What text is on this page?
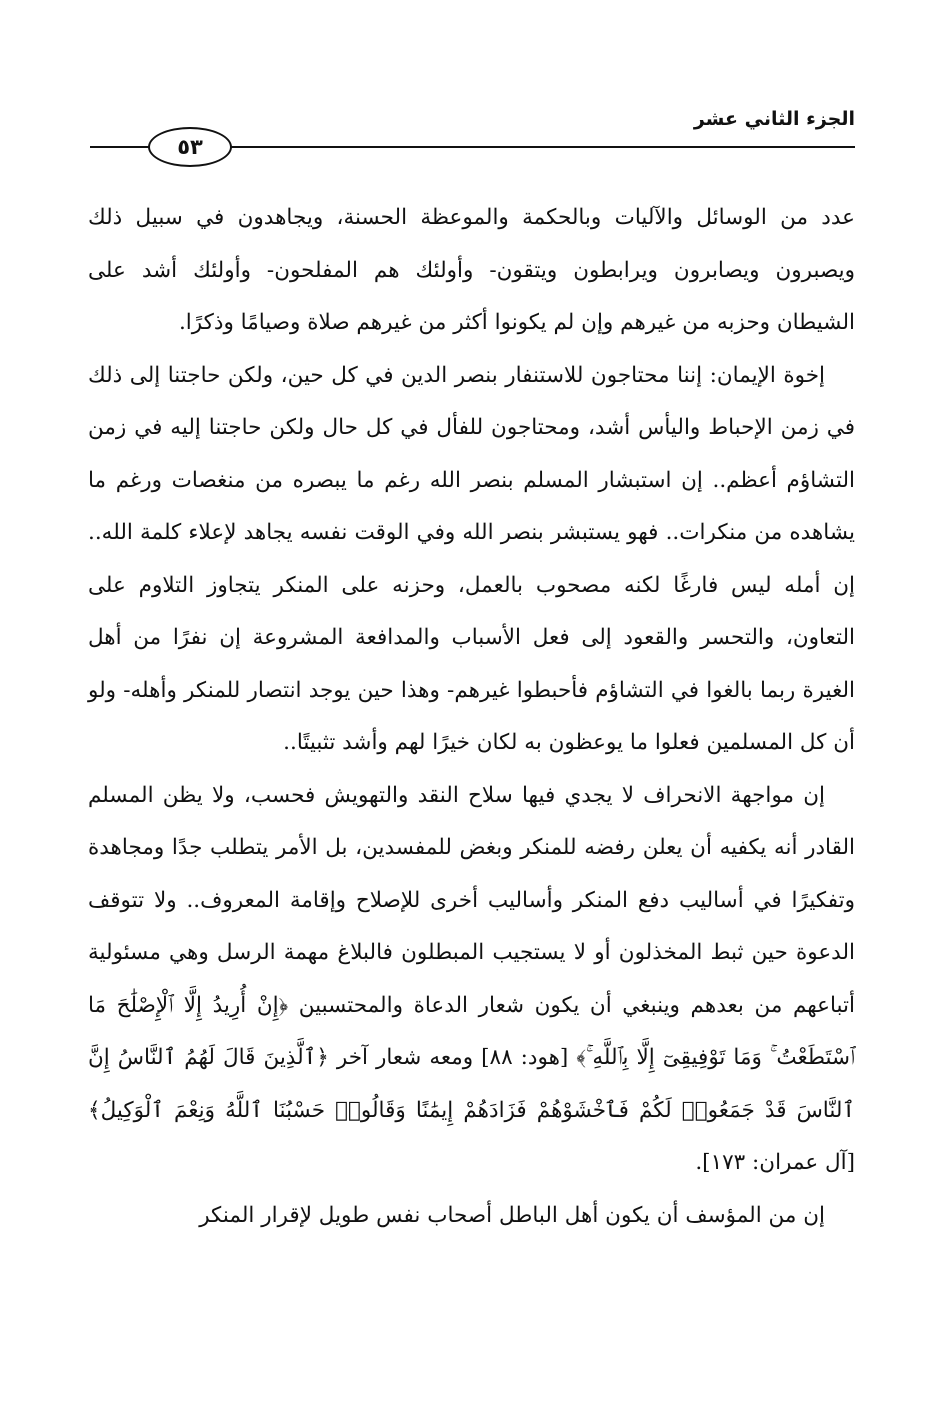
الجزء الثاني عشر
٥٣

عدد من الوسائل والآليات وبالحكمة والموعظة الحسنة، ويجاهدون في سبيل ذلك ويصبرون ويصابرون ويرابطون ويتقون- وأولئك هم المفلحون- وأولئك أشد على الشيطان وحزبه من غيرهم وإن لم يكونوا أكثر من غيرهم صلاة وصيامًا وذكرًا.

إخوة الإيمان: إننا محتاجون للاستنفار بنصر الدين في كل حين، ولكن حاجتنا إلى ذلك في زمن الإحباط واليأس أشد، ومحتاجون للفأل في كل حال ولكن حاجتنا إليه في زمن التشاؤم أعظم.. إن استبشار المسلم بنصر الله رغم ما يبصره من منغصات ورغم ما يشاهده من منكرات.. فهو يستبشر بنصر الله وفي الوقت نفسه يجاهد لإعلاء كلمة الله.. إن أمله ليس فارغًا لكنه مصحوب بالعمل، وحزنه على المنكر يتجاوز التلاوم على التعاون، والتحسر والقعود إلى فعل الأسباب والمدافعة المشروعة إن نفرًا من أهل الغيرة ربما بالغوا في التشاؤم فأحبطوا غيرهم- وهذا حين يوجد انتصار للمنكر وأهله- ولو أن كل المسلمين فعلوا ما يوعظون به لكان خيرًا لهم وأشد تثبيتًا..

إن مواجهة الانحراف لا يجدي فيها سلاح النقد والتهويش فحسب، ولا يظن المسلم القادر أنه يكفيه أن يعلن رفضه للمنكر وبغض للمفسدين، بل الأمر يتطلب جدًا ومجاهدة وتفكيرًا في أساليب دفع المنكر وأساليب أخرى للإصلاح وإقامة المعروف.. ولا تتوقف الدعوة حين ثبط المخذلون أو لا يستجيب المبطلون فالبلاغ مهمة الرسل وهي مسئولية أتباعهم من بعدهم وينبغي أن يكون شعار الدعاة والمحتسبين ﴿إِنْ أُرِيدُ إِلَّا ٱلْإِصْلَٰحَ مَا ٱسْتَطَعْتُ ۚ وَمَا تَوْفِيقِىٓ إِلَّا بِٱللَّهِ ۚ﴾ [هود: ٨٨] ومعه شعار آخر ﴿ٱلَّذِينَ قَالَ لَهُمُ ٱلنَّاسُ إِنَّ ٱلنَّاسَ قَدْ جَمَعُوا۟ لَكُمْ فَٱخْشَوْهُمْ فَزَادَهُمْ إِيمَٰنًا وَقَالُوا۟ حَسْبُنَا ٱللَّهُ وَنِعْمَ ٱلْوَكِيلُ﴾ [آل عمران: ١٧٣].

إن من المؤسف أن يكون أهل الباطل أصحاب نفس طويل لإقرار المنكر
